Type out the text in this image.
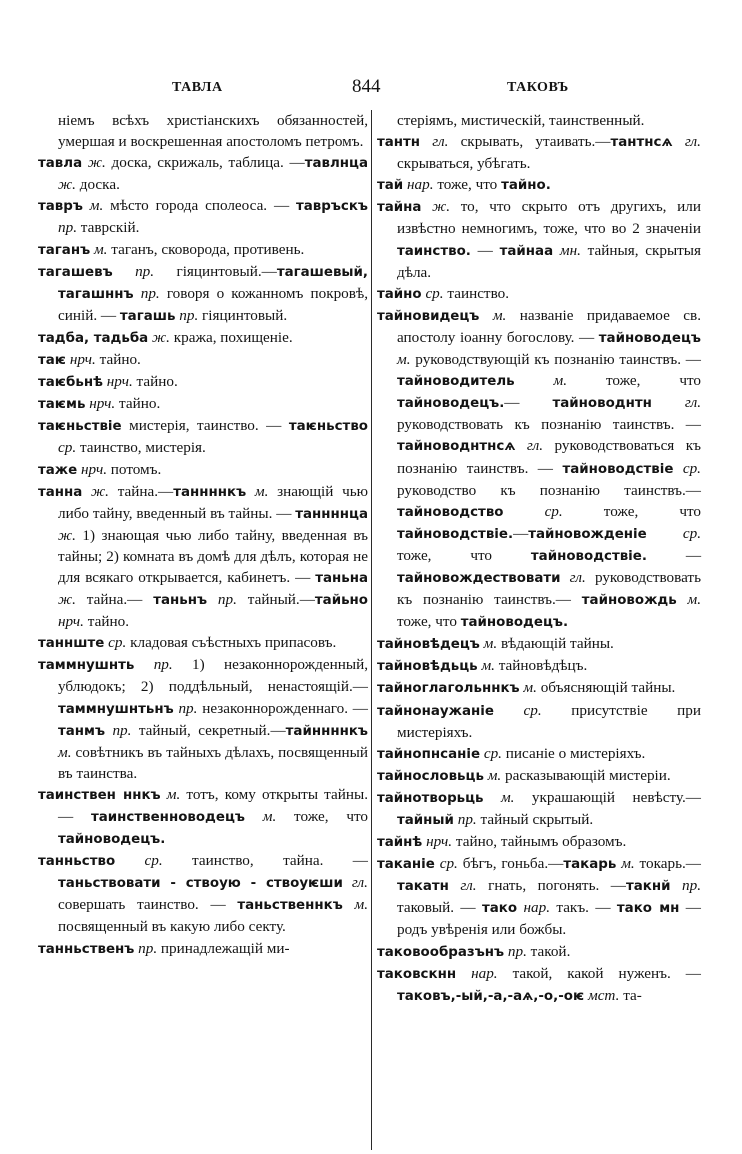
ТАВЛА	844	ТАКОВЪ

ніемъ всѣхъ христіанскихъ обязанностей, умершая и воскрешенная апостоломъ петромъ.

тавла ж. доска, скрижаль, таблица. —тавлнца ж. доска.

тавръ м. мѣсто города сполеоса. — тавръскъ пр. таврскій.

таганъ м. таганъ, сковорода, противень.

тагашевъ пр. гіяцинтовый.—тагашевый, тагашннъ пр. говоря о кожанномъ покровѣ, синій. — тагашь пр. гіяцинтовый.

тадба, тадьба ж. кража, похищеніе.

таѥ нрч. тайно.

таѥбьнѣ нрч. тайно.

таѥмь нрч. тайно.

таѥньствіе мистерія, таинство. — таѥньство ср. таинство, мистерія.

таже нрч. потомъ.

танна ж. тайна.—таннннкъ м. знающій чью либо тайну, введенный въ тайны. — таннннца ж. 1) знающая чью либо тайну, введенная въ тайны; 2) комната въ домѣ для дѣлъ, которая не для всякаго открывается, кабинетъ. — таньна ж. тайна.— таньнъ пр. тайный.—тайьно нрч. тайно.

таннште ср. кладовая съѣстныхъ припасовъ.

таммнушнть пр. 1) незаконнорожденный, ублюдокъ; 2) поддѣльный, ненастоящій.—таммнушнтьнъ пр. незаконнорожденнаго. — танмъ пр. тайный, секретный.—тайннннкъ м. совѣтникъ въ тайныхъ дѣлахъ, посвященный въ таинства.

таинствен ннкъ м. тотъ, кому открыты тайны. — таинственноводецъ м. тоже, что тайноводецъ.

танньство ср. таинство, тайна. — таньствовати - ствоую - ствоуѥши гл. совершать таинство. — таньственнкъ м. посвященный въ какую либо секту.

танньственъ пр. принадлежащій ми-

стеріямъ, мистическій, таинственный.

тантн гл. скрывать, утаивать.—тантнсѧ гл. скрываться, убѣгать.

тай нар. тоже, что тайно.

тайна ж. то, что скрыто отъ другихъ, или извѣстно немногимъ, тоже, что во 2 значеніи таинство. — тайнаа мн. тайныя, скрытыя дѣла.

тайно ср. таинство.

тайновидецъ м. названіе придаваемое св. апостолу іоанну богослову. — тайноводецъ м. руководствующій къ познанію таинствъ. — тайноводитель м. тоже, что тайноводецъ.— тайноводнтн гл. руководствовать къ познанію таинствъ. — тайноводнтнсѧ гл. руководствоваться къ познанію таинствъ. — тайноводствіе ср. руководство къ познанію таинствъ.—тайноводство ср. тоже, что тайноводствіе.—тайновожденіе ср. тоже, что тайноводствіе. —тайновождествовати гл. руководствовать къ познанію таинствъ.— тайновождь м. тоже, что тайноводецъ.

тайновѣдецъ м. вѣдающій тайны.

тайновѣдьць м. тайновѣдѣцъ.

тайноглагольннкъ м. объясняющій тайны.

тайнонаужаніе ср. присутствіе при мистеріяхъ.

тайнопнсаніе ср. писаніе о мистеріяхъ.

тайнословьць м. расказывающій мистеріи.

тайнотворьць м. украшающій невѣсту.—тайный пр. тайный скрытый.

тайнѣ нрч. тайно, тайнымъ образомъ.

таканіе ср. бѣгъ, гоньба.—такарь м. токарь.—такатн гл. гнать, погонять. —такнй пр. таковый. — тако нар. такъ. — тако мн — родъ увѣренія или божбы.

таковообразънъ пр. такой.

таковскнн нар. такой, какой нуженъ. —таковъ,-ый,-а,-аѧ,-о,-оѥ мст. та-
